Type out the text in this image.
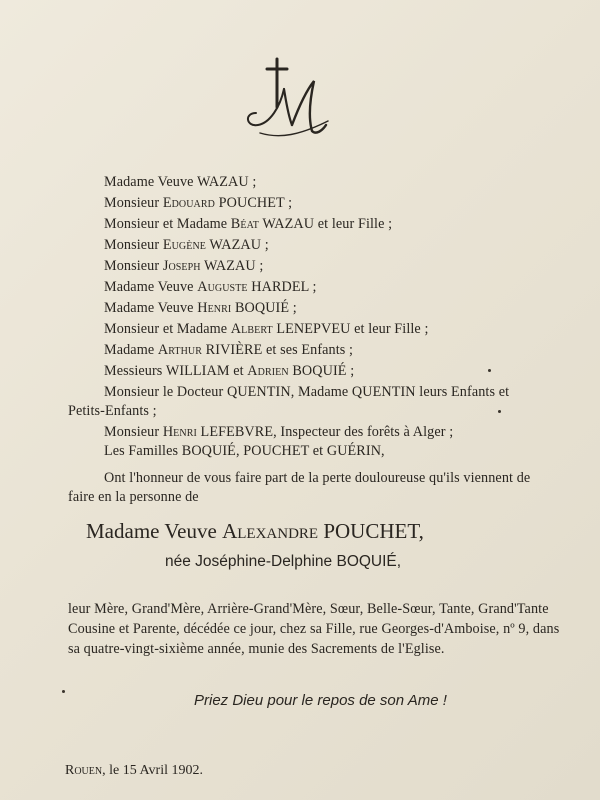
Madame Veuve WAZAU ;
Monsieur Edouard POUCHET ;
Monsieur et Madame Béat WAZAU et leur Fille ;
Monsieur Eugène WAZAU ;
Monsieur Joseph WAZAU ;
Madame Veuve Auguste HARDEL ;
Madame Veuve Henri BOQUIÉ ;
Monsieur et Madame Albert LENEPVEU et leur Fille ;
Madame Arthur RIVIÈRE et ses Enfants ;
Messieurs WILLIAM et Adrien BOQUIÉ ;
Monsieur le Docteur QUENTIN, Madame QUENTIN leurs Enfants et
Petits-Enfants ;
Monsieur Henri LEFEBVRE, Inspecteur des forêts à Alger ;
Les Familles BOQUIÉ, POUCHET et GUÉRIN,
Ont l'honneur de vous faire part de la perte douloureuse qu'ils viennent de
faire en la personne de
Madame Veuve Alexandre POUCHET,
née Joséphine-Delphine BOQUIÉ,
leur Mère, Grand'Mère, Arrière-Grand'Mère, Sœur, Belle-Sœur, Tante, Grand'Tante
Cousine et Parente, décédée ce jour, chez sa Fille, rue Georges-d'Amboise, nº 9, dans
sa quatre-vingt-sixième année, munie des Sacrements de l'Eglise.
Priez Dieu pour le repos de son Ame !
Rouen, le 15 Avril 1902.
